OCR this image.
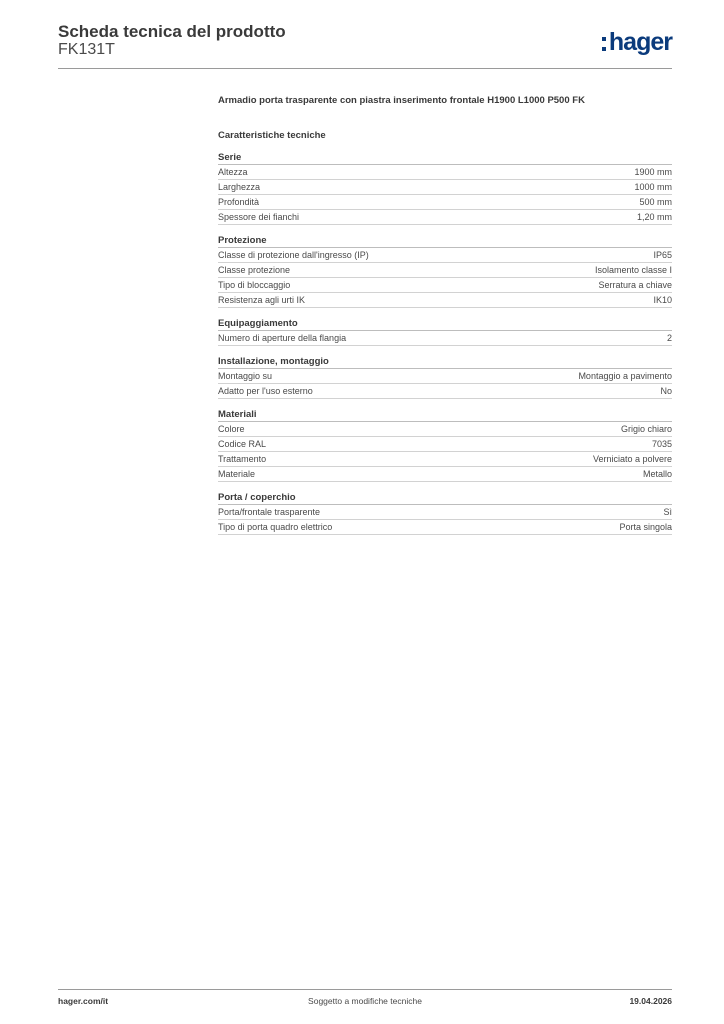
Scheda tecnica del prodotto
FK131T	hager
Armadio porta trasparente con piastra inserimento frontale H1900 L1000 P500 FK
Caratteristiche tecniche
Serie
Altezza	1900 mm
Larghezza	1000 mm
Profondità	500 mm
Spessore dei fianchi	1,20 mm
Protezione
Classe di protezione dall'ingresso (IP)	IP65
Classe protezione	Isolamento classe I
Tipo di bloccaggio	Serratura a chiave
Resistenza agli urti IK	IK10
Equipaggiamento
Numero di aperture della flangia	2
Installazione, montaggio
Montaggio su	Montaggio a pavimento
Adatto per l'uso esterno	No
Materiali
Colore	Grigio chiaro
Codice RAL	7035
Trattamento	Verniciato a polvere
Materiale	Metallo
Porta / coperchio
Porta/frontale trasparente	Sì
Tipo di porta quadro elettrico	Porta singola
hager.com/it	Soggetto a modifiche tecniche	19.04.2026
